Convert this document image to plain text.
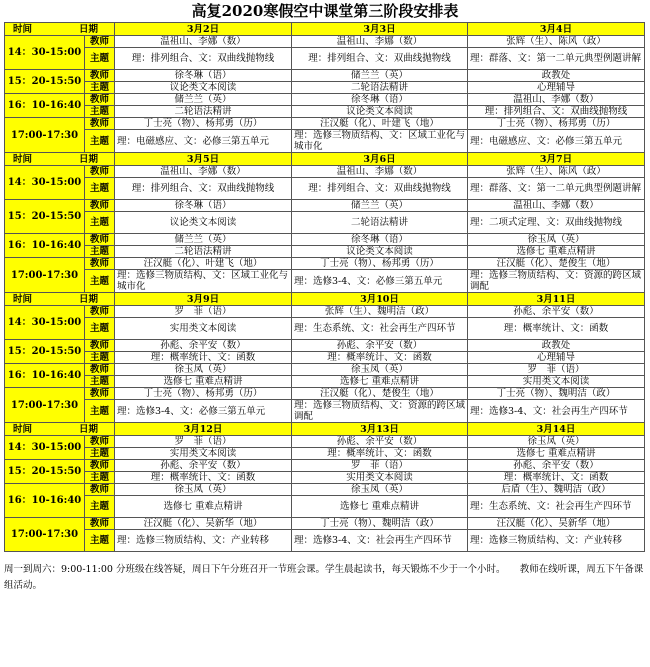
高复2020寒假空中课堂第三阶段安排表
时间 日期		3月2日	3月3日	3月4日
14：30-15:00	教师	温祖山、李娜（数）	温祖山、李娜（数）	张辉（生）、陈风（政）
	主题	理：排列组合、文：双曲线抛物线	理：排列组合、文：双曲线抛物线	理：群落、文：第一二单元典型例题讲解
15：20-15:50	教师	徐冬琳（语）	储兰兰（英）	政教处
	主题	议论类文本阅读	二轮语法精讲	心理辅导
16：10-16:40	教师	储兰兰（英）	徐冬琳（语）	温祖山、李娜（数）
	主题	二轮语法精讲	议论类文本阅读	理：排列组合、文：双曲线抛物线
17:00-17:30	教师	丁士亮（物）、杨邦勇（历）	汪汉艇（化）、叶建飞（地）	丁士亮（物）、杨邦勇（历）
	主题	理：电磁感应、文：必修三第五单元	理：选修三物质结构、文：区域工业化与城市化	理：电磁感应、文：必修三第五单元
时间 日期		3月5日	3月6日	3月7日
14：30-15:00	教师	温祖山、李娜（数）	温祖山、李娜（数）	张辉（生）、陈风（政）
	主题	理：排列组合、文：双曲线抛物线	理：排列组合、文：双曲线抛物线	理：群落、文：第一二单元典型例题讲解
15：20-15:50	教师	徐冬琳（语）	储兰兰（英）	温祖山、李娜（数）
	主题	议论类文本阅读	二轮语法精讲	理：二项式定理、文：双曲线抛物线
16：10-16:40	教师	储兰兰（英）	徐冬琳（语）	徐玉凤（英）
	主题	二轮语法精讲	议论类文本阅读	选修七 重难点精讲
17:00-17:30	教师	汪汉艇（化）、叶建飞（地）	丁士亮（物）、杨邦勇（历）	汪汉艇（化）、楚俊生（地）
	主题	理：选修三物质结构、文：区域工业化与城市化	理：选修3-4、文：必修三第五单元	理：选修三物质结构、文：资源的跨区域调配
时间 日期		3月9日	3月10日	3月11日
14：30-15:00	教师	罗　菲（语）	张辉（生）、魏明洁（政）	孙彪、余平安（数）
	主题	实用类文本阅读	理：生态系统、文：社会再生产四环节	理：概率统计、文：函数
15：20-15:50	教师	孙彪、余平安（数）	孙彪、余平安（数）	政教处
	主题	理：概率统计、文：函数	理：概率统计、文：函数	心理辅导
16：10-16:40	教师	徐玉凤（英）	徐玉凤（英）	罗　菲（语）
	主题	选修七 重难点精讲	选修七 重难点精讲	实用类文本阅读
17:00-17:30	教师	丁士亮（物）、杨邦勇（历）	汪汉艇（化）、楚俊生（地）	丁士亮（物）、魏明洁（政）
	主题	理：选修3-4、文：必修三第五单元	理：选修三物质结构、文：资源的跨区域调配	理：选修3-4、文：社会再生产四环节
时间 日期		3月12日	3月13日	3月14日
14：30-15:00	教师	罗　菲（语）	孙彪、余平安（数）	徐玉凤（英）
	主题	实用类文本阅读	理：概率统计、文：函数	选修七 重难点精讲
15：20-15:50	教师	孙彪、余平安（数）	罗　菲（语）	孙彪、余平安（数）
	主题	理：概率统计、文：函数	实用类文本阅读	理：概率统计、文：函数
16：10-16:40	教师	徐玉凤（英）	徐玉凤（英）	后盾（生）、魏明洁（政）
	主题	选修七 重难点精讲	选修七 重难点精讲	理：生态系统、文：社会再生产四环节
17:00-17:30	教师	汪汉艇（化）、吴新华（地）	丁士亮（物）、魏明洁（政）	汪汉艇（化）、吴新华（地）
	主题	理：选修三物质结构、文：产业转移	理：选修3-4、文：社会再生产四环节	理：选修三物质结构、文：产业转移
周一到周六：9:00-11:00 分班级在线答疑，周日下午分班召开一节班会课。学生晨起读书，每天锻炼不少于一个小时。　　教师在线听课，周五下午备课组活动。
